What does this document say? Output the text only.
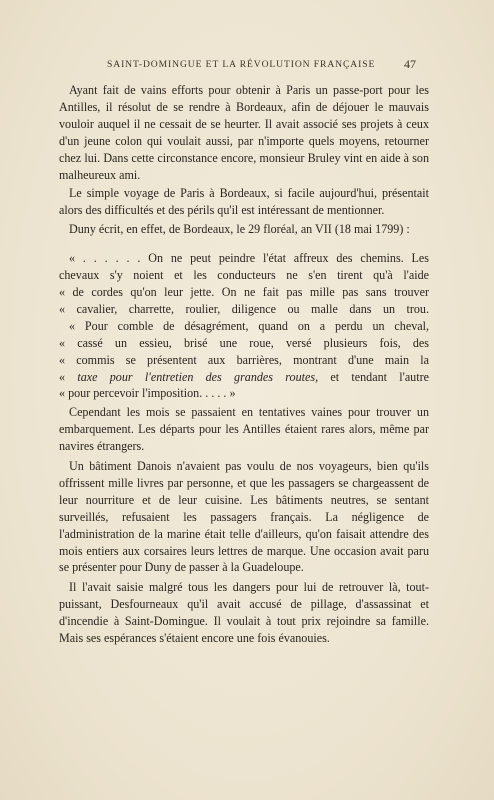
SAINT-DOMINGUE ET LA RÉVOLUTION FRANÇAISE 47

Ayant fait de vains efforts pour obtenir à Paris un passe-port pour les Antilles, il résolut de se rendre à Bordeaux, afin de déjouer le mauvais vouloir auquel il ne cessait de se heurter. Il avait associé ses projets à ceux d'un jeune colon qui voulait aussi, par n'importe quels moyens, retourner chez lui. Dans cette circonstance encore, monsieur Bruley vint en aide à son malheureux ami.

Le simple voyage de Paris à Bordeaux, si facile aujourd'hui, présentait alors des difficultés et des périls qu'il est intéressant de mentionner.

Duny écrit, en effet, de Bordeaux, le 29 floréal, an VII (18 mai 1799) :

« . . . . . . On ne peut peindre l'état affreux des chemins. Les

chevaux s'y noient et les conducteurs ne s'en tirent qu'à l'aide

« de cordes qu'on leur jette. On ne fait pas mille pas sans trouver

« cavalier, charrette, roulier, diligence ou malle dans un trou.

« Pour comble de désagrément, quand on a perdu un cheval,

« cassé un essieu, brisé une roue, versé plusieurs fois, des

« commis se présentent aux barrières, montrant d'une main la

« taxe pour l'entretien des grandes routes, et tendant l'autre

« pour percevoir l'imposition. . . . . »

Cependant les mois se passaient en tentatives vaines pour trouver un embarquement. Les départs pour les Antilles étaient rares alors, même par navires étrangers.

Un bâtiment Danois n'avaient pas voulu de nos voyageurs, bien qu'ils offrissent mille livres par personne, et que les passagers se chargeassent de leur nourriture et de leur cuisine. Les bâtiments neutres, se sentant surveillés, refusaient les passagers français. La négligence de l'administration de la marine était telle d'ailleurs, qu'on faisait attendre des mois entiers aux corsaires leurs lettres de marque. Une occasion avait paru se présenter pour Duny de passer à la Guadeloupe.

Il l'avait saisie malgré tous les dangers pour lui de retrouver là, tout-puissant, Desfourneaux qu'il avait accusé de pillage, d'assassinat et d'incendie à Saint-Domingue. Il voulait à tout prix rejoindre sa famille. Mais ses espérances s'étaient encore une fois évanouies.
